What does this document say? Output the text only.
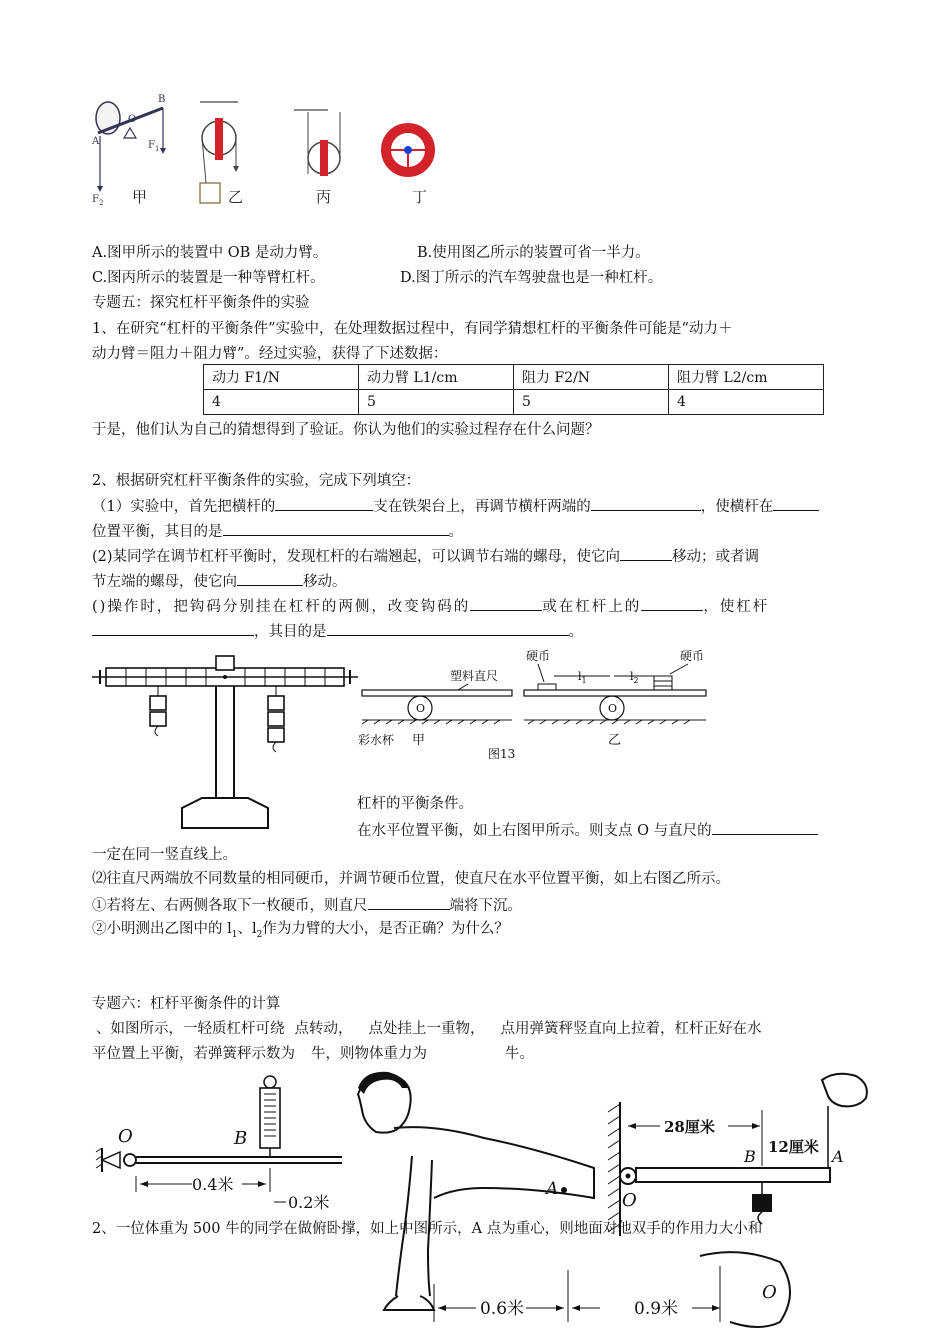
A
O
B
$F_1$
$F_2$ 甲	乙	丙	丁
A.图甲所示的装置中 OB 是动力臂。	B.使用图乙所示的装置可省一半力。
C.图丙所示的装置是一种等臂杠杆。	D.图丁所示的汽车驾驶盘也是一种杠杆。
专题五：探究杠杆平衡条件的实验
1、在研究“杠杆的平衡条件”实验中，在处理数据过程中，有同学猜想杠杆的平衡条件可能是“动力＋
动力臂＝阻力＋阻力臂”。经过实验，获得了下述数据：
动力 F1/N	动力臂 L1/cm	阻力 F2/N	阻力臂 L2/cm
4	5	5	4
于是，他们认为自己的猜想得到了验证。你认为他们的实验过程存在什么问题？
2、根据研究杠杆平衡条件的实验，完成下列填空：
（1）实验中，首先把横杆的	支在铁架台上，再调节横杆两端的	，使横杆在
位置平衡，其目的是	。
(2)某同学在调节杠杆平衡时，发现杠杆的右端翘起，可以调节右端的螺母，使它向	移动；或者调
节左端的螺母，使它向	移动。
()操作时，把钩码分别挂在杠杆的两侧，改变钩码的	或在杠杆上的	，使杠杆
，其目的是	。
O
塑料直尺
彩水杯 甲
硬币	硬币
$l_1$	$l_2$
O
乙
图13
杠杆的平衡条件。
在水平位置平衡，如上右图甲所示。则支点 O 与直尺的
一定在同一竖直线上。
⑵往直尺两端放不同数量的相同硬币，并调节硬币位置，使直尺在水平位置平衡，如上右图乙所示。
①若将左、右两侧各取下一枚硬币，则直尺	端将下沉。
②小明测出乙图中的 $l_1$、$l_2$作为力臂的大小，是否正确？为什么？
专题六：杠杆平衡条件的计算
、如图所示，一轻质杠杆可绕 点转动， 点处挂上一重物， 点用弹簧秤竖直向上拉着，杠杆正好在水
平位置上平衡，若弹簧秤示数为 牛，则物体重力为	牛。
O	B
0.4米
0.2米
A
0.6米
O
B	A
28厘米
12厘米
O
0.9米
2、一位体重为 500 牛的同学在做俯卧撑，如上中图所示，A 点为重心，则地面对他双手的作用力大小和
